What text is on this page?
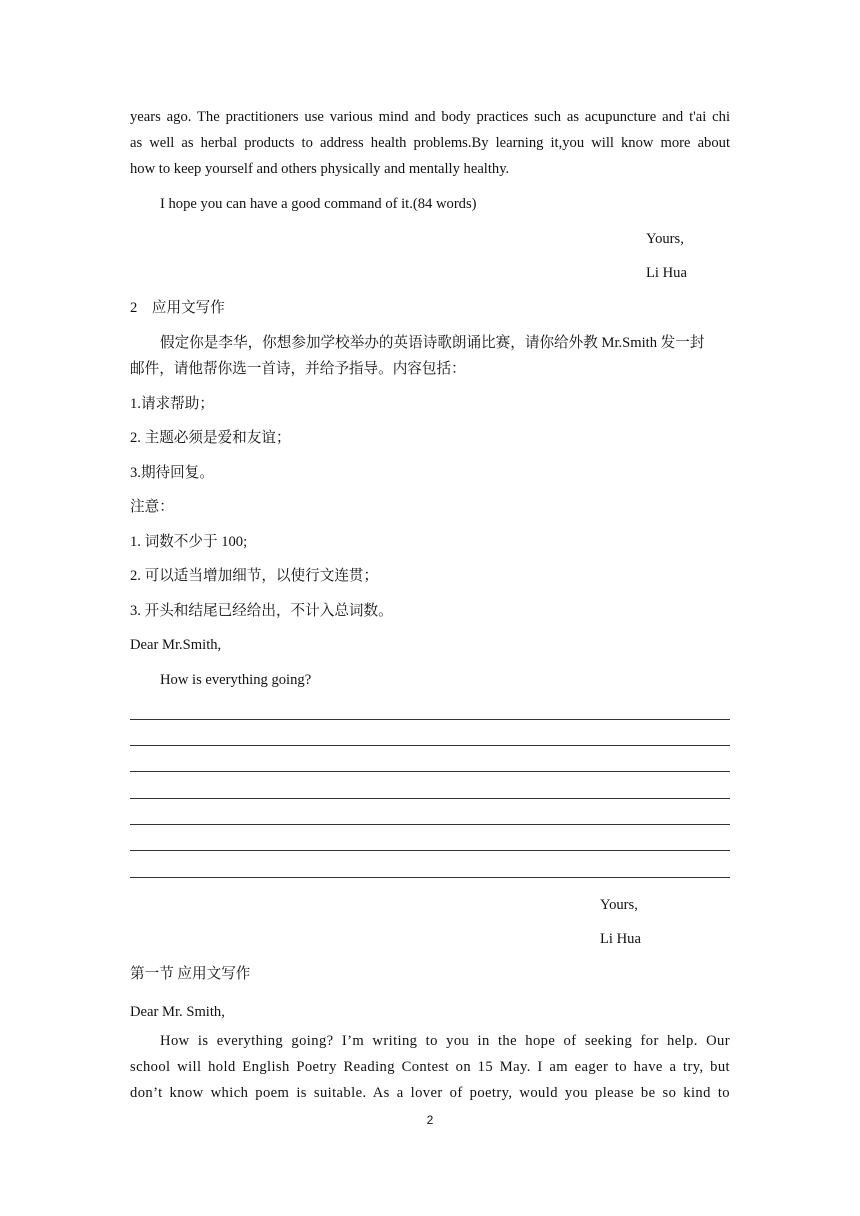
years ago. The practitioners use various mind and body practices such as acupuncture and t'ai chi
as well as herbal products to address health problems.By learning it,you will know more about
how to keep yourself and others physically and mentally healthy.
I hope you can have a good command of it.(84 words)
Yours,
Li Hua
2　应用文写作
假定你是李华，你想参加学校举办的英语诗歌朗诵比赛，请你给外教 Mr.Smith 发一封
邮件，请他帮你选一首诗，并给予指导。内容包括：
1.请求帮助；
2. 主题必须是爱和友谊；
3.期待回复。
注意：
1. 词数不少于 100;
2. 可以适当增加细节，以使行文连贯；
3. 开头和结尾已经给出，不计入总词数。
Dear Mr.Smith,
How is everything going?
Yours,
Li Hua
第一节 应用文写作
Dear Mr. Smith,
How is everything going? I’m writing to you in the hope of seeking for help. Our
school will hold English Poetry Reading Contest on 15 May. I am eager to have a try, but
don’t know which poem is suitable. As a lover of poetry, would you please be so kind to
2
